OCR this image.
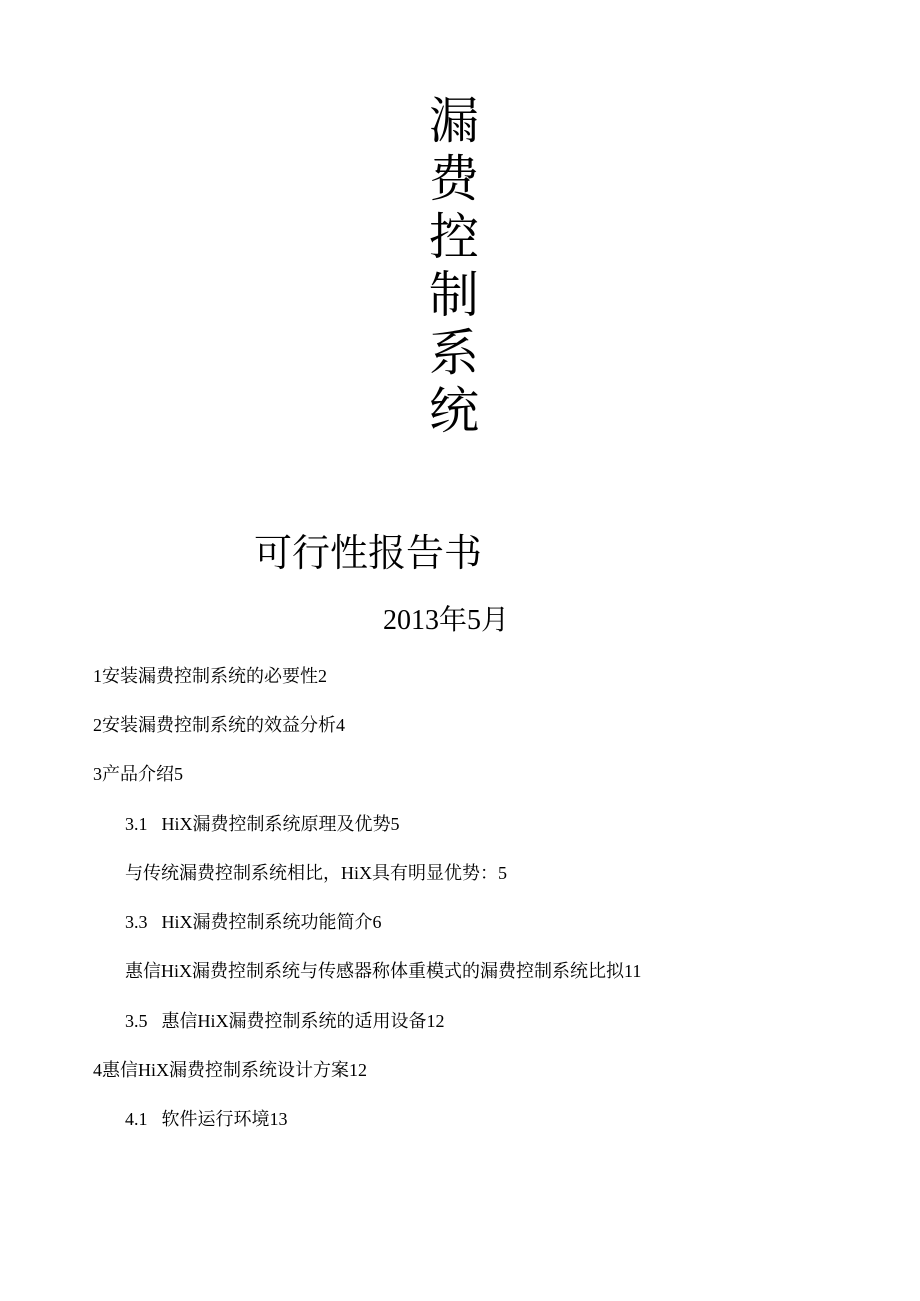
漏
费
控
制
系
统
可行性报告书
2013年5月
1安装漏费控制系统的必要性2
2安装漏费控制系统的效益分析4
3产品介绍5
3.1 HiX漏费控制系统原理及优势5
与传统漏费控制系统相比，HiX具有明显优势：5
3.3 HiX漏费控制系统功能简介6
惠信HiX漏费控制系统与传感器称体重模式的漏费控制系统比拟11
3.5 惠信HiX漏费控制系统的适用设备12
4惠信HiX漏费控制系统设计方案12
4.1 软件运行环境13
